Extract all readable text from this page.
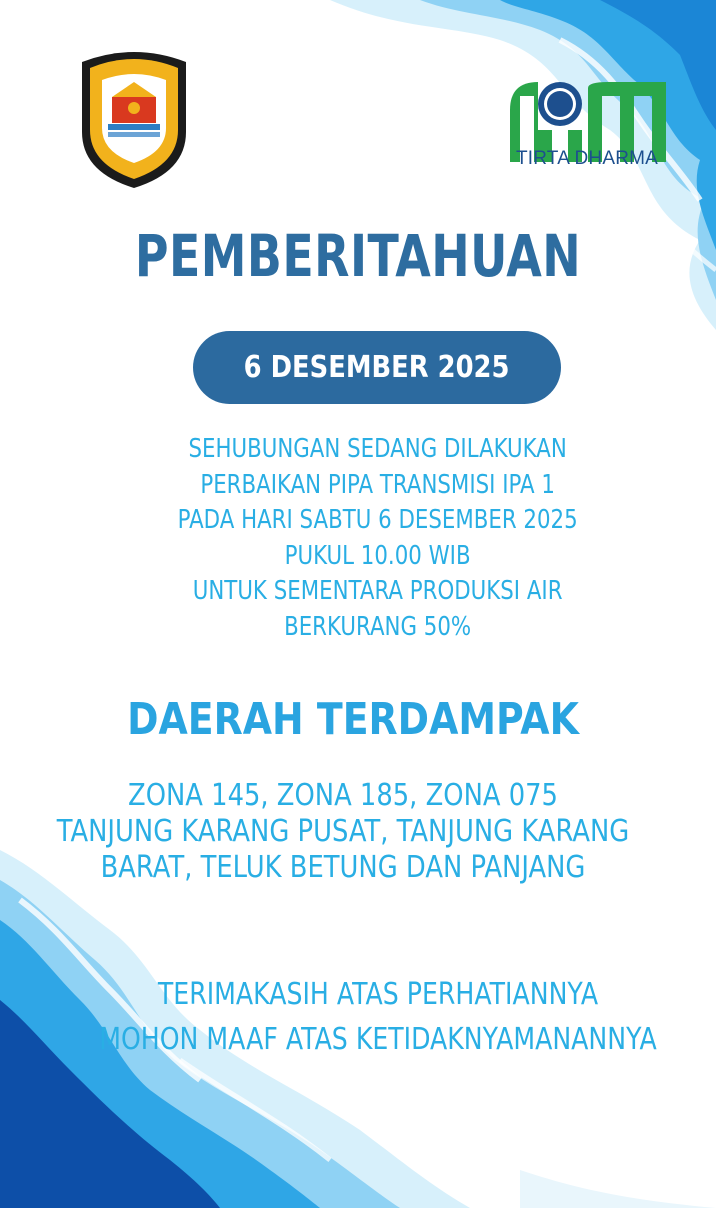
TIRTA DHARMA
PEMBERITAHUAN
6 DESEMBER 2025
SEHUBUNGAN SEDANG DILAKUKAN
PERBAIKAN PIPA TRANSMISI IPA 1
PADA HARI SABTU 6 DESEMBER 2025
PUKUL 10.00 WIB
UNTUK SEMENTARA PRODUKSI AIR
BERKURANG 50%
DAERAH TERDAMPAK
ZONA 145, ZONA 185, ZONA 075
TANJUNG KARANG PUSAT, TANJUNG KARANG
BARAT, TELUK BETUNG DAN PANJANG
TERIMAKASIH ATAS PERHATIANNYA
MOHON MAAF ATAS KETIDAKNYAMANANNYA
